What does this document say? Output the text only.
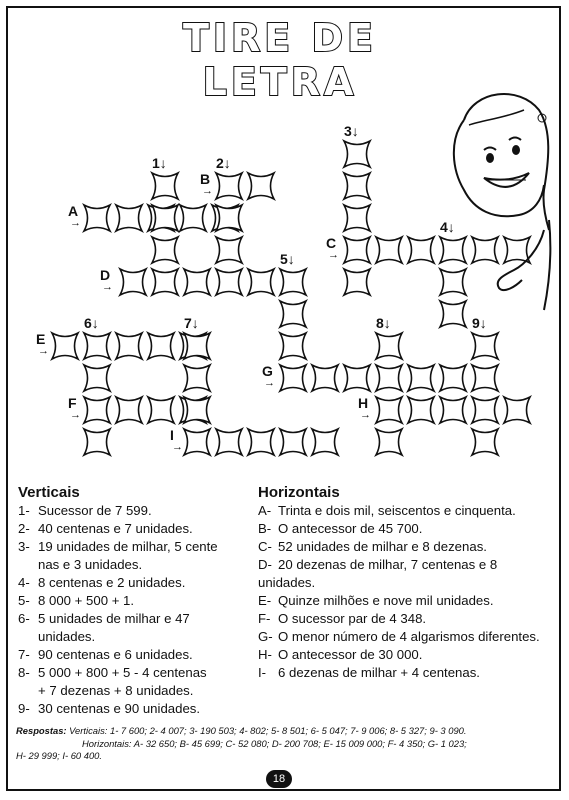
TIRE DE LETRA
1↓	2↓
3↓
4↓
5↓
6↓	7↓	8↓	9↓
A
→
B
→
C
→
D
→
E
→
F
→
G
→
H
→
I
→
Verticais
1- Sucessor de 7 599.
2- 40 centenas e 7 unidades.
3- 19 unidades de milhar, 5 cente
nas e 3 unidades.
4- 8 centenas e 2 unidades.
5- 8 000 + 500 + 1.
6- 5 unidades de milhar e 47
unidades.
7- 90 centenas e 6 unidades.
8- 5 000 + 800 + 5 - 4 centenas
+ 7 dezenas + 8 unidades.
9- 30 centenas e 90 unidades.
Horizontais
A- Trinta e dois mil, seiscentos e cinquenta.
B- O antecessor de 45 700.
C- 52 unidades de milhar e 8 dezenas.
D- 20 dezenas de milhar, 7 centenas e 8 unidades.
E- Quinze milhões e nove mil unidades.
F- O sucessor par de 4 348.
G- O menor número de 4 algarismos diferentes.
H- O antecessor de 30 000.
I- 6 dezenas de milhar + 4 centenas.
Respostas: Verticais: 1- 7 600; 2- 4 007; 3- 190 503; 4- 802; 5- 8 501; 6- 5 047; 7- 9 006; 8- 5 327; 9- 3 090.
Horizontais: A- 32 650; B- 45 699; C- 52 080; D- 200 708; E- 15 009 000; F- 4 350; G- 1 023;
H- 29 999; I- 60 400.
18
